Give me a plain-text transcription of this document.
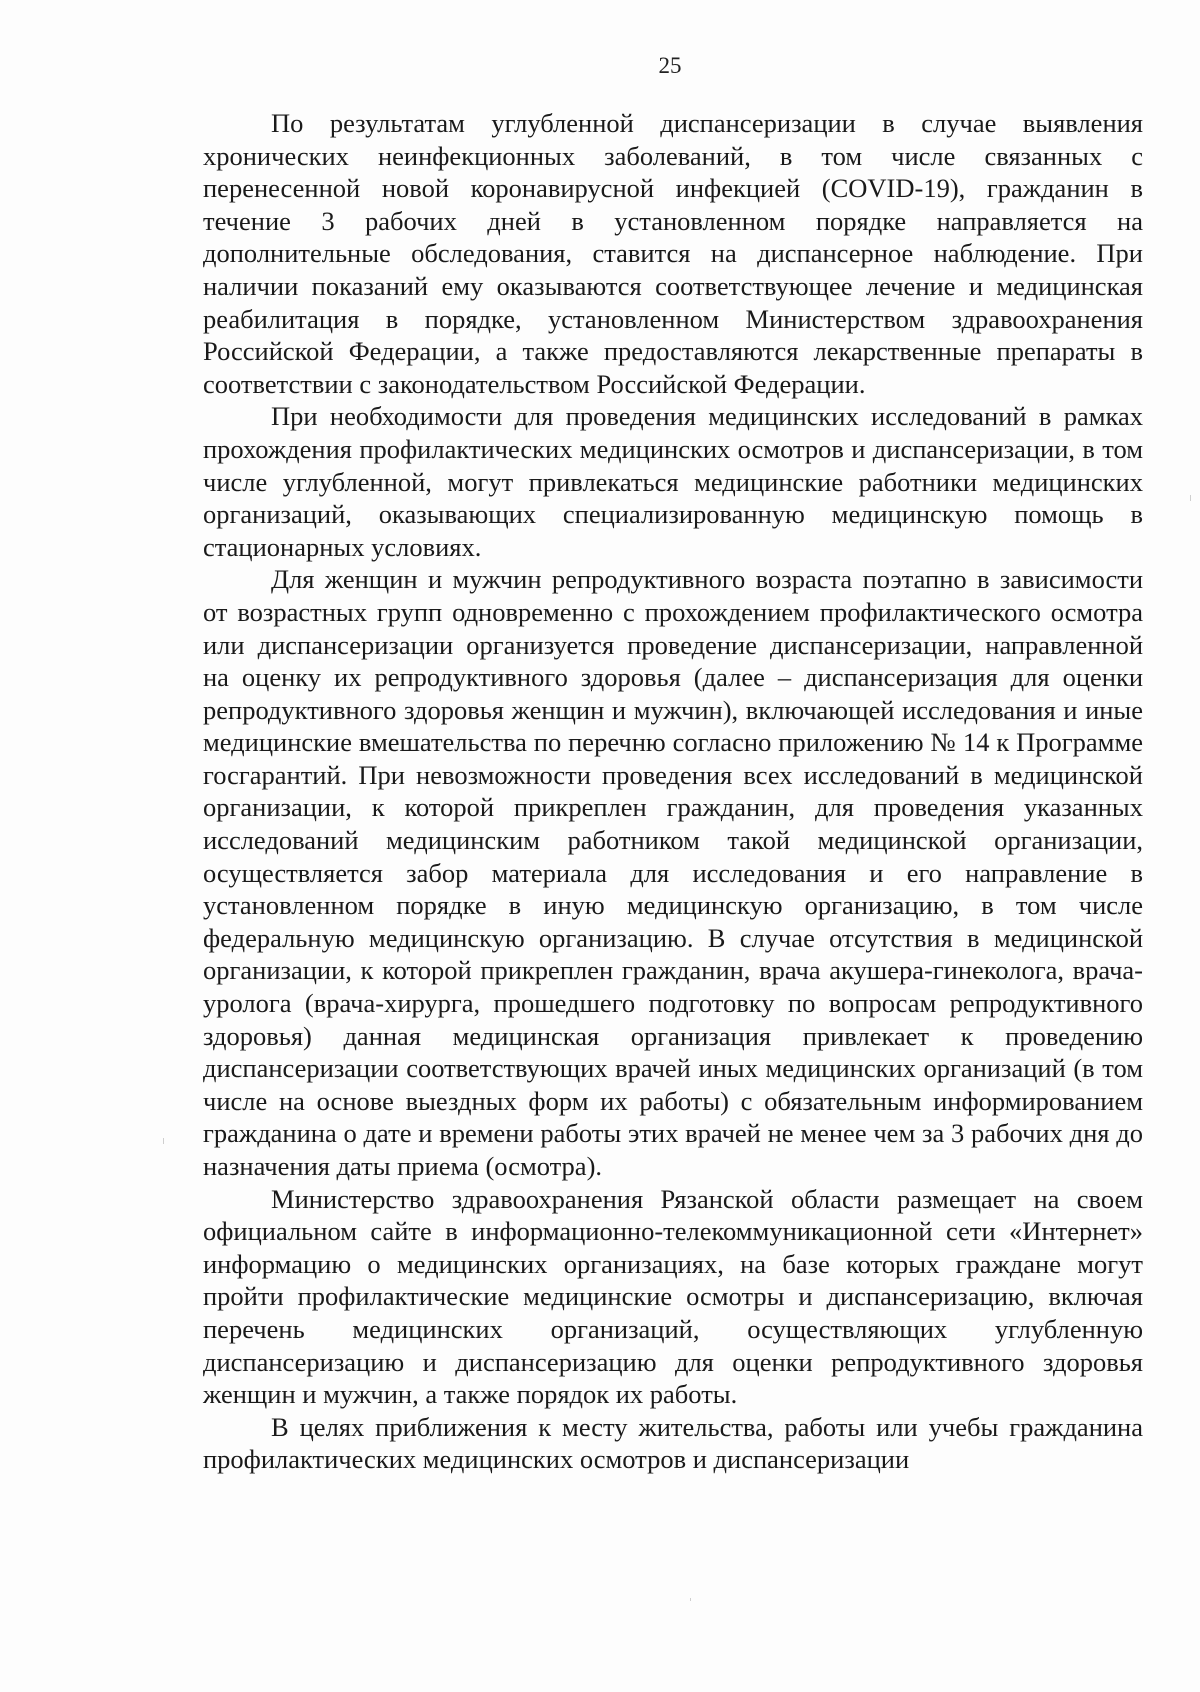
25

По результатам углубленной диспансеризации в случае выявления хронических неинфекционных заболеваний, в том числе связанных с перенесенной новой коронавирусной инфекцией (COVID-19), гражданин в течение 3 рабочих дней в установленном порядке направляется на дополнительные обследования, ставится на диспансерное наблюдение. При наличии показаний ему оказываются соответствующее лечение и медицинская реабилитация в порядке, установленном Министерством здравоохранения Российской Федерации, а также предоставляются лекарственные препараты в соответствии с законодательством Российской Федерации.

При необходимости для проведения медицинских исследований в рамках прохождения профилактических медицинских осмотров и диспансеризации, в том числе углубленной, могут привлекаться медицинские работники медицинских организаций, оказывающих специализированную медицинскую помощь в стационарных условиях.

Для женщин и мужчин репродуктивного возраста поэтапно в зависимости от возрастных групп одновременно с прохождением профилактического осмотра или диспансеризации организуется проведение диспансеризации, направленной на оценку их репродуктивного здоровья (далее – диспансеризация для оценки репродуктивного здоровья женщин и мужчин), включающей исследования и иные медицинские вмешательства по перечню согласно приложению № 14 к Программе госгарантий. При невозможности проведения всех исследований в медицинской организации, к которой прикреплен гражданин, для проведения указанных исследований медицинским работником такой медицинской организации, осуществляется забор материала для исследования и его направление в установленном порядке в иную медицинскую организацию, в том числе федеральную медицинскую организацию. В случае отсутствия в медицинской организации, к которой прикреплен гражданин, врача акушера-гинеколога, врача-уролога (врача-хирурга, прошедшего подготовку по вопросам репродуктивного здоровья) данная медицинская организация привлекает к проведению диспансеризации соответствующих врачей иных медицинских организаций (в том числе на основе выездных форм их работы) с обязательным информированием гражданина о дате и времени работы этих врачей не менее чем за 3 рабочих дня до назначения даты приема (осмотра).

Министерство здравоохранения Рязанской области размещает на своем официальном сайте в информационно-телекоммуникационной сети «Интернет» информацию о медицинских организациях, на базе которых граждане могут пройти профилактические медицинские осмотры и диспансеризацию, включая перечень медицинских организаций, осуществляющих углубленную диспансеризацию и диспансеризацию для оценки репродуктивного здоровья женщин и мужчин, а также порядок их работы.

В целях приближения к месту жительства, работы или учебы гражданина профилактических медицинских осмотров и диспансеризации
